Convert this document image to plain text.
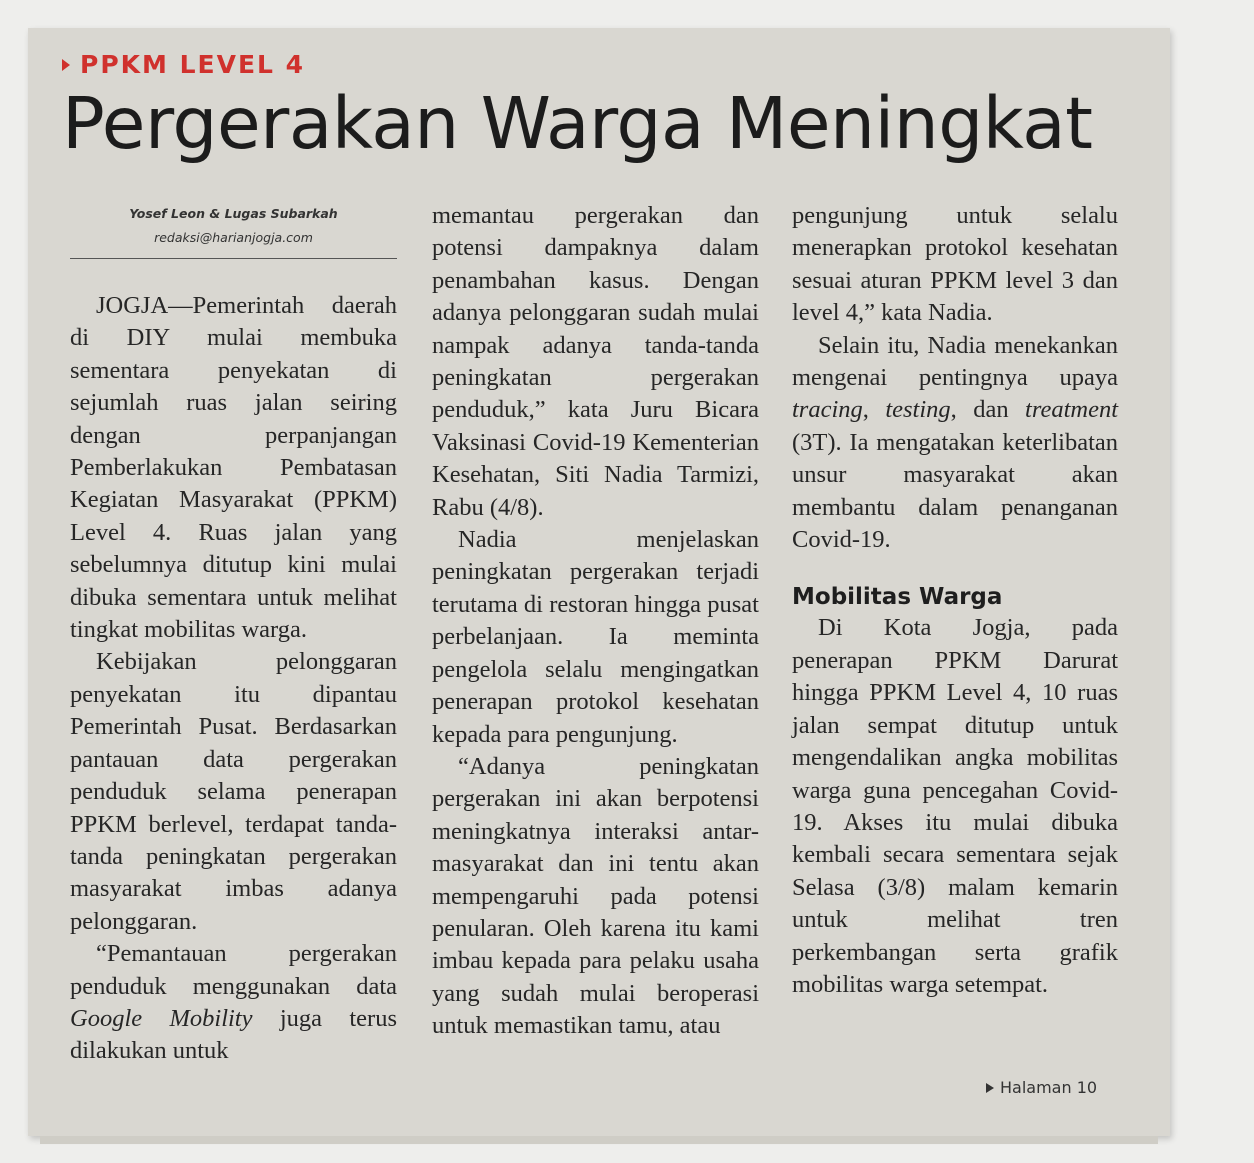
PPKM LEVEL 4
Pergerakan Warga Meningkat
Yosef Leon & Lugas Subarkah
redaksi@harianjogja.com

JOGJA—Pemerintah daerah di DIY mulai membuka sementara penyekatan di sejumlah ruas jalan seiring dengan perpanjangan Pemberlakukan Pembatasan Kegiatan Masyarakat (PPKM) Level 4. Ruas jalan yang sebelumnya ditutup kini mulai dibuka sementara untuk melihat tingkat mobilitas warga.

Kebijakan pelonggaran penyekatan itu dipantau Pemerintah Pusat. Berdasarkan pantauan data pergerakan penduduk selama penerapan PPKM berlevel, terdapat tanda-tanda peningkatan pergerakan masyarakat imbas adanya pelonggaran.

“Pemantauan pergerakan penduduk menggunakan data Google Mobility juga terus dilakukan untuk

memantau pergerakan dan potensi dampaknya dalam penambahan kasus. Dengan adanya pelonggaran sudah mulai nampak adanya tanda-tanda peningkatan pergerakan penduduk,” kata Juru Bicara Vaksinasi Covid-19 Kementerian Kesehatan, Siti Nadia Tarmizi, Rabu (4/8).

Nadia menjelaskan peningkatan pergerakan terjadi terutama di restoran hingga pusat perbelanjaan. Ia meminta pengelola selalu mengingatkan penerapan protokol kesehatan kepada para pengunjung.

“Adanya peningkatan pergerakan ini akan berpotensi meningkatnya interaksi antar-masyarakat dan ini tentu akan mempengaruhi pada potensi penularan. Oleh karena itu kami imbau kepada para pelaku usaha yang sudah mulai beroperasi untuk memastikan tamu, atau

pengunjung untuk selalu menerapkan protokol kesehatan sesuai aturan PPKM level 3 dan level 4,” kata Nadia.

Selain itu, Nadia menekankan mengenai pentingnya upaya tracing, testing, dan treatment (3T). Ia mengatakan keterlibatan unsur masyarakat akan membantu dalam penanganan Covid-19.

Mobilitas Warga

Di Kota Jogja, pada penerapan PPKM Darurat hingga PPKM Level 4, 10 ruas jalan sempat ditutup untuk mengendalikan angka mobilitas warga guna pencegahan Covid-19. Akses itu mulai dibuka kembali secara sementara sejak Selasa (3/8) malam kemarin untuk melihat tren perkembangan serta grafik mobilitas warga setempat.

Halaman 10
